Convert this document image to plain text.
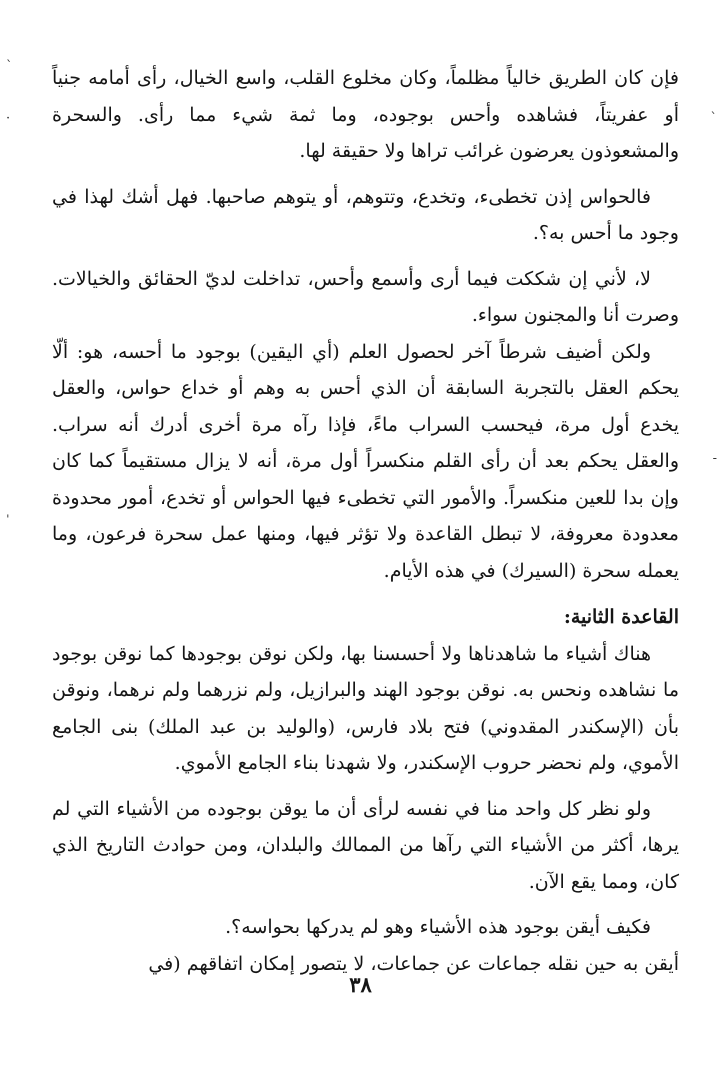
ˋ
·	ˋ
-
ˌ

فإن كان الطريق خالياً مظلماً، وكان مخلوع القلب، واسع الخيال، رأى أمامه جنياً أو عفريتاً، فشاهده وأحس بوجوده، وما ثمة شيء مما رأى. والسحرة والمشعوذون يعرضون غرائب تراها ولا حقيقة لها.

فالحواس إذن تخطىء، وتخدع، وتتوهم، أو يتوهم صاحبها. فهل أشك لهذا في وجود ما أحس به؟.

لا، لأني إن شككت فيما أرى وأسمع وأحس، تداخلت لديّ الحقائق والخيالات. وصرت أنا والمجنون سواء.

ولكن أضيف شرطاً آخر لحصول العلم (أي اليقين) بوجود ما أحسه، هو: ألّا يحكم العقل بالتجربة السابقة أن الذي أحس به وهم أو خداع حواس، والعقل يخدع أول مرة، فيحسب السراب ماءً، فإذا رآه مرة أخرى أدرك أنه سراب. والعقل يحكم بعد أن رأى القلم منكسراً أول مرة، أنه لا يزال مستقيماً كما كان وإن بدا للعين منكسراً. والأمور التي تخطىء فيها الحواس أو تخدع، أمور محدودة معدودة معروفة، لا تبطل القاعدة ولا تؤثر فيها، ومنها عمل سحرة فرعون، وما يعمله سحرة (السيرك) في هذه الأيام.

القاعدة الثانية:

هناك أشياء ما شاهدناها ولا أحسسنا بها، ولكن نوقن بوجودها كما نوقن بوجود ما نشاهده ونحس به. نوقن بوجود الهند والبرازيل، ولم نزرهما ولم نرهما، ونوقن بأن (الإسكندر المقدوني) فتح بلاد فارس، (والوليد بن عبد الملك) بنى الجامع الأموي، ولم نحضر حروب الإسكندر، ولا شهدنا بناء الجامع الأموي.

ولو نظر كل واحد منا في نفسه لرأى أن ما يوقن بوجوده من الأشياء التي لم يرها، أكثر من الأشياء التي رآها من الممالك والبلدان، ومن حوادث التاريخ الذي كان، ومما يقع الآن.

فكيف أيقن بوجود هذه الأشياء وهو لم يدركها بحواسه؟.

أيقن به حين نقله جماعات عن جماعات، لا يتصور إمكان اتفاقهم (في

٣٨
